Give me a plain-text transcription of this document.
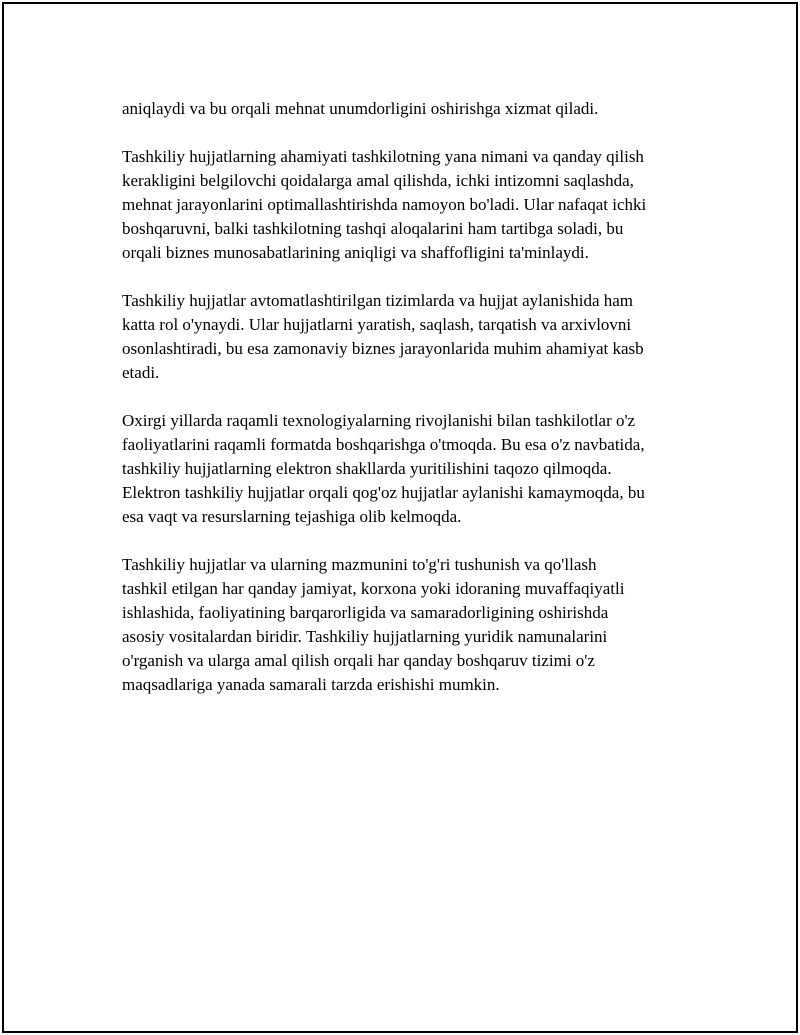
aniqlaydi va bu orqali mehnat unumdorligini oshirishga xizmat qiladi.

Tashkiliy hujjatlarning ahamiyati tashkilotning yana nimani va qanday qilish
kerakligini belgilovchi qoidalarga amal qilishda, ichki intizomni saqlashda,
mehnat jarayonlarini optimallashtirishda namoyon bo'ladi. Ular nafaqat ichki
boshqaruvni, balki tashkilotning tashqi aloqalarini ham tartibga soladi, bu
orqali biznes munosabatlarining aniqligi va shaffofligini ta'minlaydi.

Tashkiliy hujjatlar avtomatlashtirilgan tizimlarda va hujjat aylanishida ham
katta rol o'ynaydi. Ular hujjatlarni yaratish, saqlash, tarqatish va arxivlovni
osonlashtiradi, bu esa zamonaviy biznes jarayonlarida muhim ahamiyat kasb
etadi.

Oxirgi yillarda raqamli texnologiyalarning rivojlanishi bilan tashkilotlar o'z
faoliyatlarini raqamli formatda boshqarishga o'tmoqda. Bu esa o'z navbatida,
tashkiliy hujjatlarning elektron shakllarda yuritilishini taqozo qilmoqda.
Elektron tashkiliy hujjatlar orqali qog'oz hujjatlar aylanishi kamaymoqda, bu
esa vaqt va resurslarning tejashiga olib kelmoqda.

Tashkiliy hujjatlar va ularning mazmunini to'g'ri tushunish va qo'llash
tashkil etilgan har qanday jamiyat, korxona yoki idoraning muvaffaqiyatli
ishlashida, faoliyatining barqarorligida va samaradorligining oshirishda
asosiy vositalardan biridir. Tashkiliy hujjatlarning yuridik namunalarini
o'rganish va ularga amal qilish orqali har qanday boshqaruv tizimi o'z
maqsadlariga yanada samarali tarzda erishishi mumkin.
